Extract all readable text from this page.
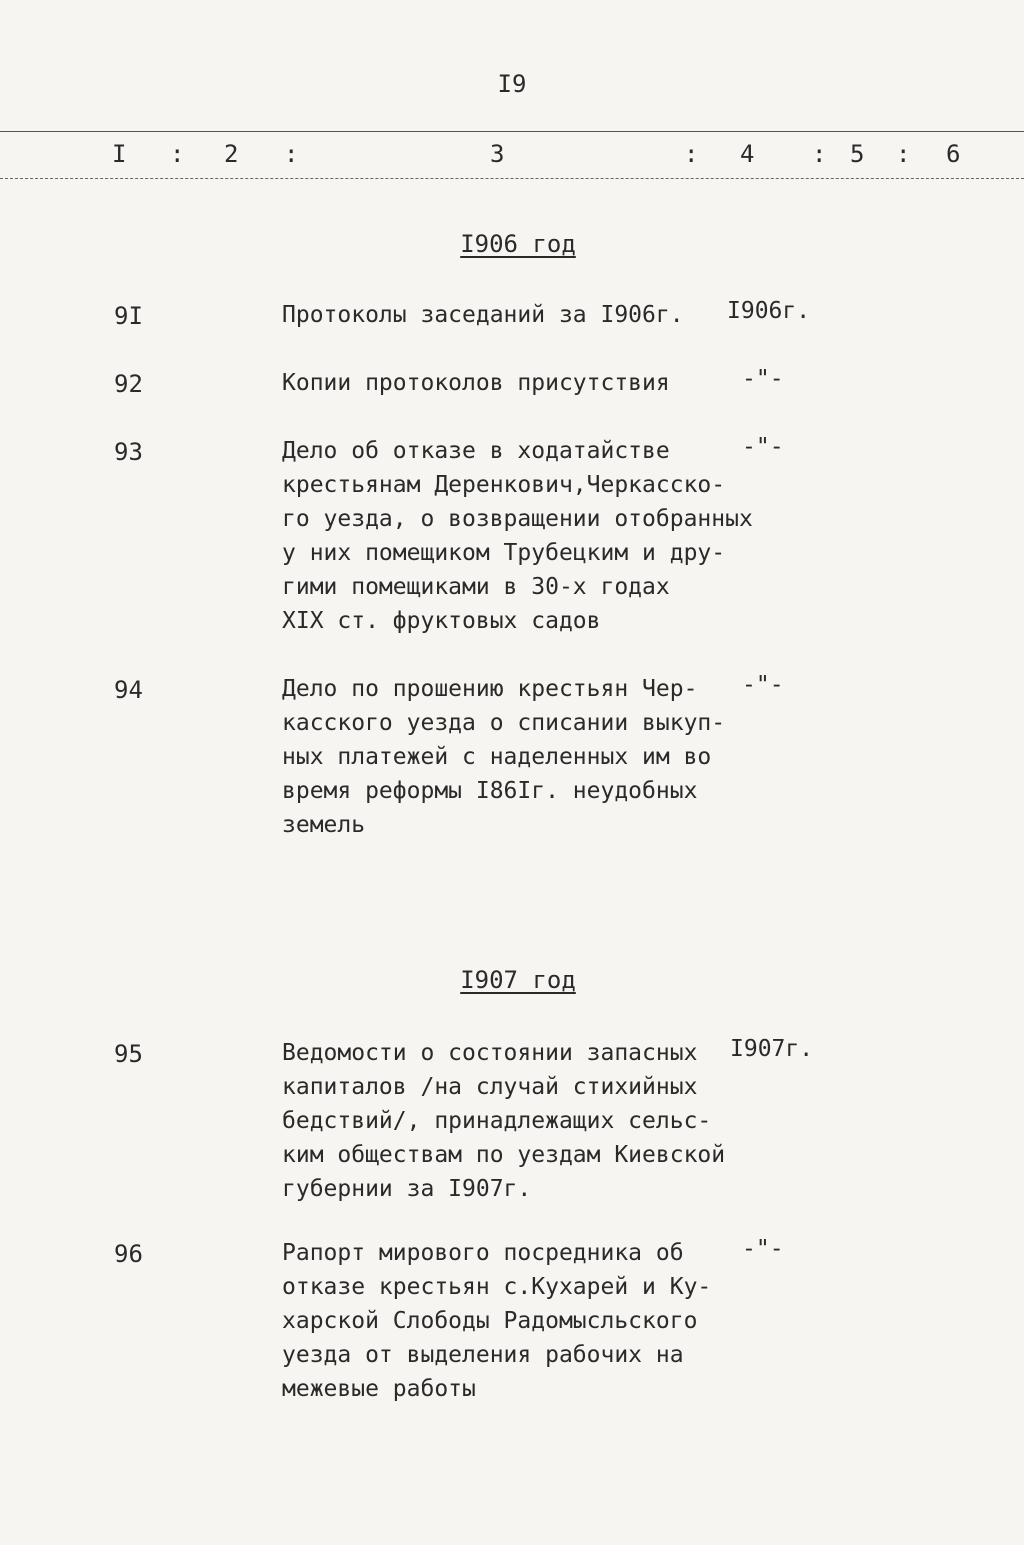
I9
I : 2 :	3	: 4 : 5 : 6
I906 год
9I	Протоколы заседаний за I906г.	I906г.
92	Копии протоколов присутствия	-"-
93	Дело об отказе в ходатайстве
крестьянам Деренкович,Черкасско-
го уезда, о возвращении отобранных
у них помещиком Трубецким и дру-
гими помещиками в 30-х годах
XIX ст. фруктовых садов
-"-
94	Дело по прошению крестьян Чер-
касского уезда о списании выкуп-
ных платежей с наделенных им во
время реформы I86Iг. неудобных
земель
-"-
I907 год
95	Ведомости о состоянии запасных
капиталов /на случай стихийных
бедствий/, принадлежащих сельс-
ким обществам по уездам Киевской
губернии за I907г.
I907г.
96	Рапорт мирового посредника об
отказе крестьян с.Кухарей и Ку-
харской Слободы Радомысльского
уезда от выделения рабочих на
межевые работы
-"-
